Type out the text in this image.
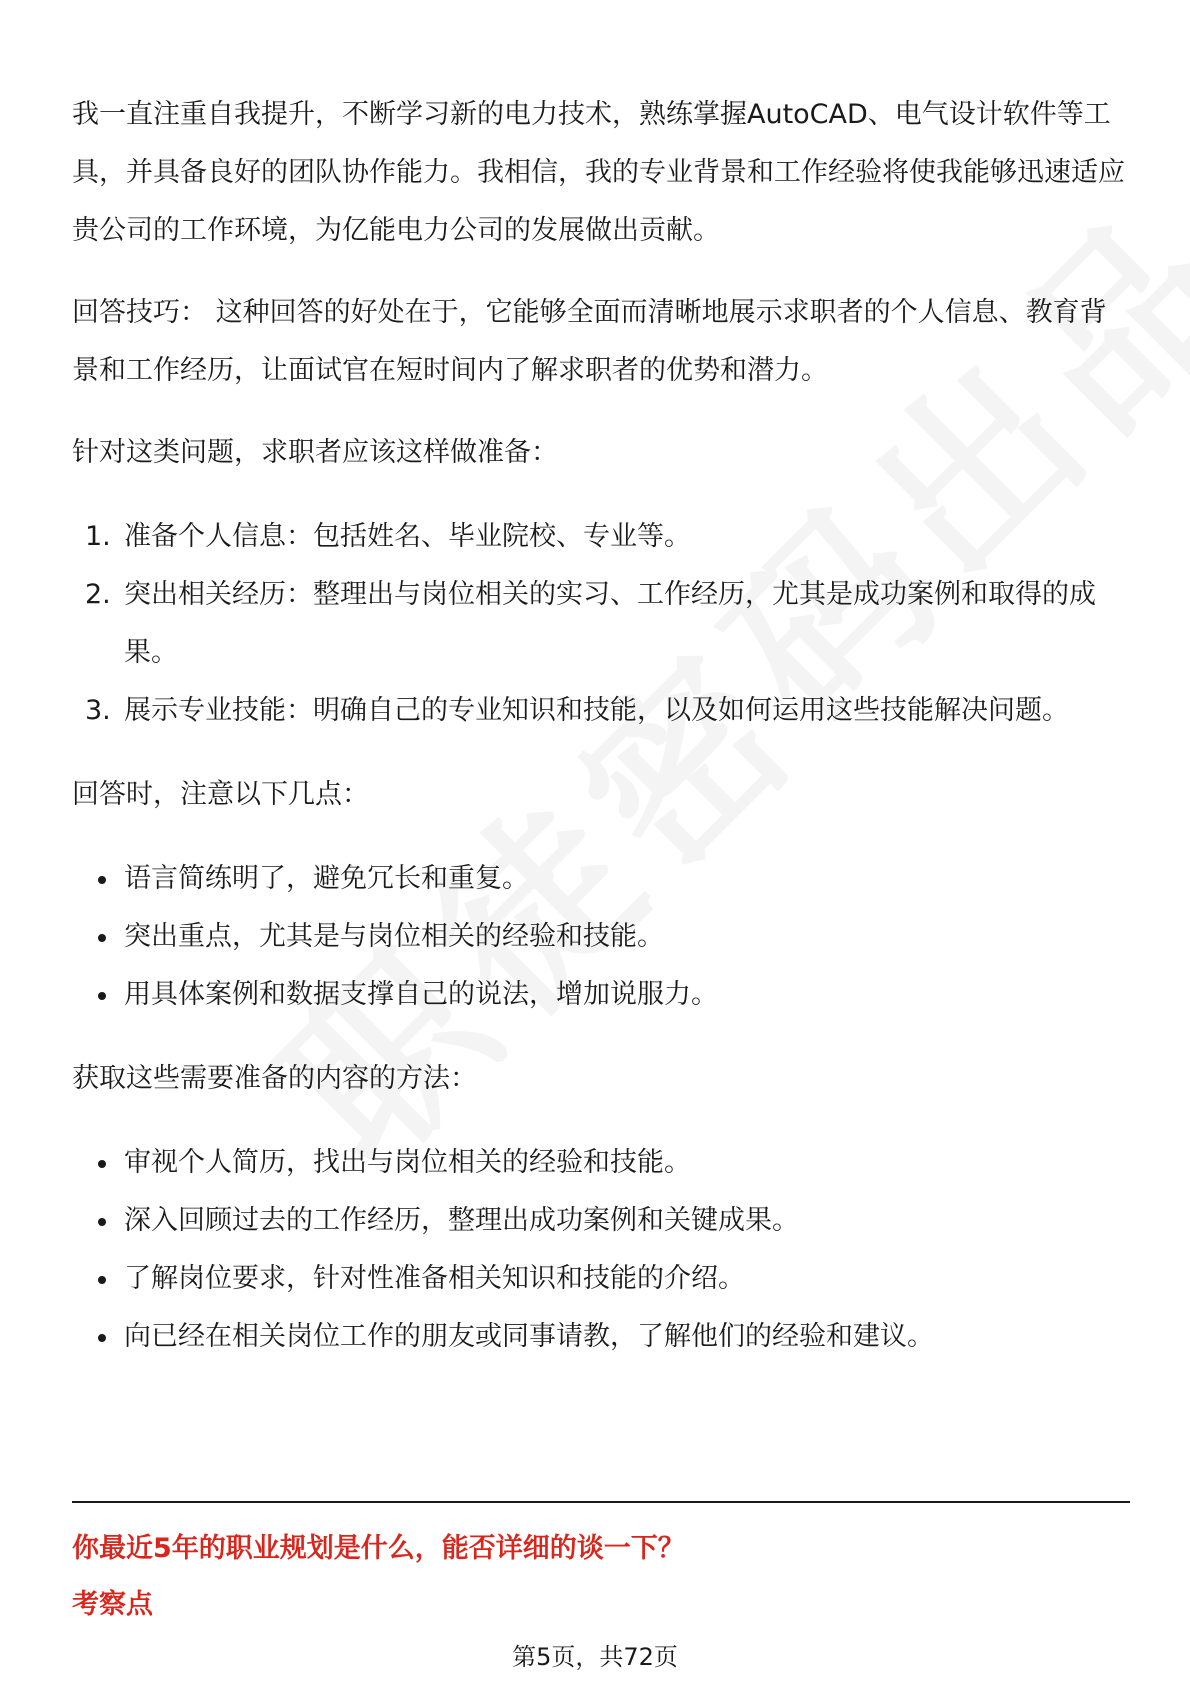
我一直注重自我提升，不断学习新的电力技术，熟练掌握AutoCAD、电气设计软件等工具，并具备良好的团队协作能力。我相信，我的专业背景和工作经验将使我能够迅速适应贵公司的工作环境，为亿能电力公司的发展做出贡献。

回答技巧： 这种回答的好处在于，它能够全面而清晰地展示求职者的个人信息、教育背景和工作经历，让面试官在短时间内了解求职者的优势和潜力。

针对这类问题，求职者应该这样做准备：

1. 准备个人信息：包括姓名、毕业院校、专业等。
2. 突出相关经历：整理出与岗位相关的实习、工作经历，尤其是成功案例和取得的成果。
3. 展示专业技能：明确自己的专业知识和技能，以及如何运用这些技能解决问题。

回答时，注意以下几点：

语言简练明了，避免冗长和重复。
突出重点，尤其是与岗位相关的经验和技能。
用具体案例和数据支撑自己的说法，增加说服力。

获取这些需要准备的内容的方法：

审视个人简历，找出与岗位相关的经验和技能。
深入回顾过去的工作经历，整理出成功案例和关键成果。
了解岗位要求，针对性准备相关知识和技能的介绍。
向已经在相关岗位工作的朋友或同事请教，了解他们的经验和建议。
你最近5年的职业规划是什么，能否详细的谈一下？
考察点
第5页，共72页
